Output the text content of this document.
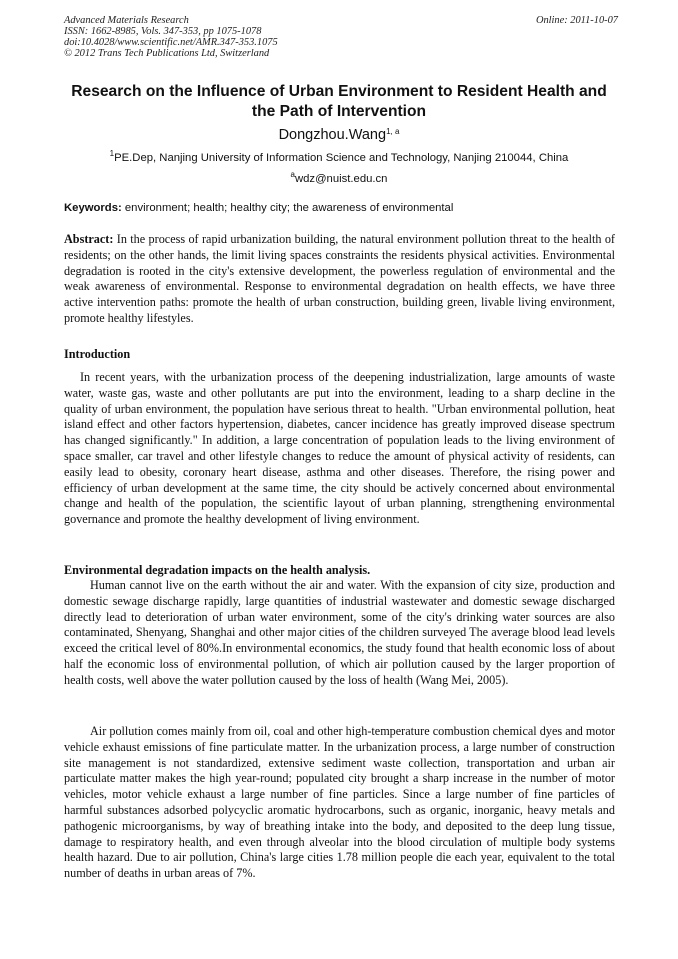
Advanced Materials Research
ISSN: 1662-8985, Vols. 347-353, pp 1075-1078
doi:10.4028/www.scientific.net/AMR.347-353.1075
© 2012 Trans Tech Publications Ltd, Switzerland
Online: 2011-10-07
Research on the Influence of Urban Environment to Resident Health and
the Path of Intervention
Dongzhou.Wang$^{1, a}$
$^1$PE.Dep, Nanjing University of Information Science and Technology, Nanjing 210044, China
$^a$wdz@nuist.edu.cn
Keywords: environment; health; healthy city; the awareness of environmental
Abstract: In the process of rapid urbanization building, the natural environment pollution threat to the health of residents; on the other hands, the limit living spaces constraints the residents physical activities. Environmental degradation is rooted in the city's extensive development, the powerless regulation of environmental and the weak awareness of environmental. Response to environmental degradation on health effects, we have three active intervention paths: promote the health of urban construction, building green, livable living environment, promote healthy lifestyles.
Introduction
In recent years, with the urbanization process of the deepening industrialization, large amounts of waste water, waste gas, waste and other pollutants are put into the environment, leading to a sharp decline in the quality of urban environment, the population have serious threat to health. "Urban environmental pollution, heat island effect and other factors hypertension, diabetes, cancer incidence has greatly improved disease spectrum has changed significantly." In addition, a large concentration of population leads to the living environment of space smaller, car travel and other lifestyle changes to reduce the amount of physical activity of residents, can easily lead to obesity, coronary heart disease, asthma and other diseases. Therefore, the rising power and efficiency of urban development at the same time, the city should be actively concerned about environmental change and health of the population, the scientific layout of urban planning, strengthening environmental governance and promote the healthy development of living environment.
Environmental degradation impacts on the health analysis.
Human cannot live on the earth without the air and water. With the expansion of city size, production and domestic sewage discharge rapidly, large quantities of industrial wastewater and domestic sewage discharged directly lead to deterioration of urban water environment, some of the city's drinking water sources are also contaminated, Shenyang, Shanghai and other major cities of the children surveyed The average blood lead levels exceed the critical level of 80%.In environmental economics, the study found that health economic loss of about half the economic loss of environmental pollution, of which air pollution caused by the larger proportion of health costs, well above the water pollution caused by the loss of health (Wang Mei, 2005).
Air pollution comes mainly from oil, coal and other high-temperature combustion chemical dyes and motor vehicle exhaust emissions of fine particulate matter. In the urbanization process, a large number of construction site management is not standardized, extensive sediment waste collection, transportation and urban air particulate matter makes the high year-round; populated city brought a sharp increase in the number of motor vehicles, motor vehicle exhaust a large number of fine particles. Since a large number of fine particles of harmful substances adsorbed polycyclic aromatic hydrocarbons, such as organic, inorganic, heavy metals and pathogenic microorganisms, by way of breathing intake into the body, and deposited to the deep lung tissue, damage to respiratory health, and even through alveolar into the blood circulation of multiple body systems health hazard. Due to air pollution, China's large cities 1.78 million people die each year, equivalent to the total number of deaths in urban areas of 7%.
